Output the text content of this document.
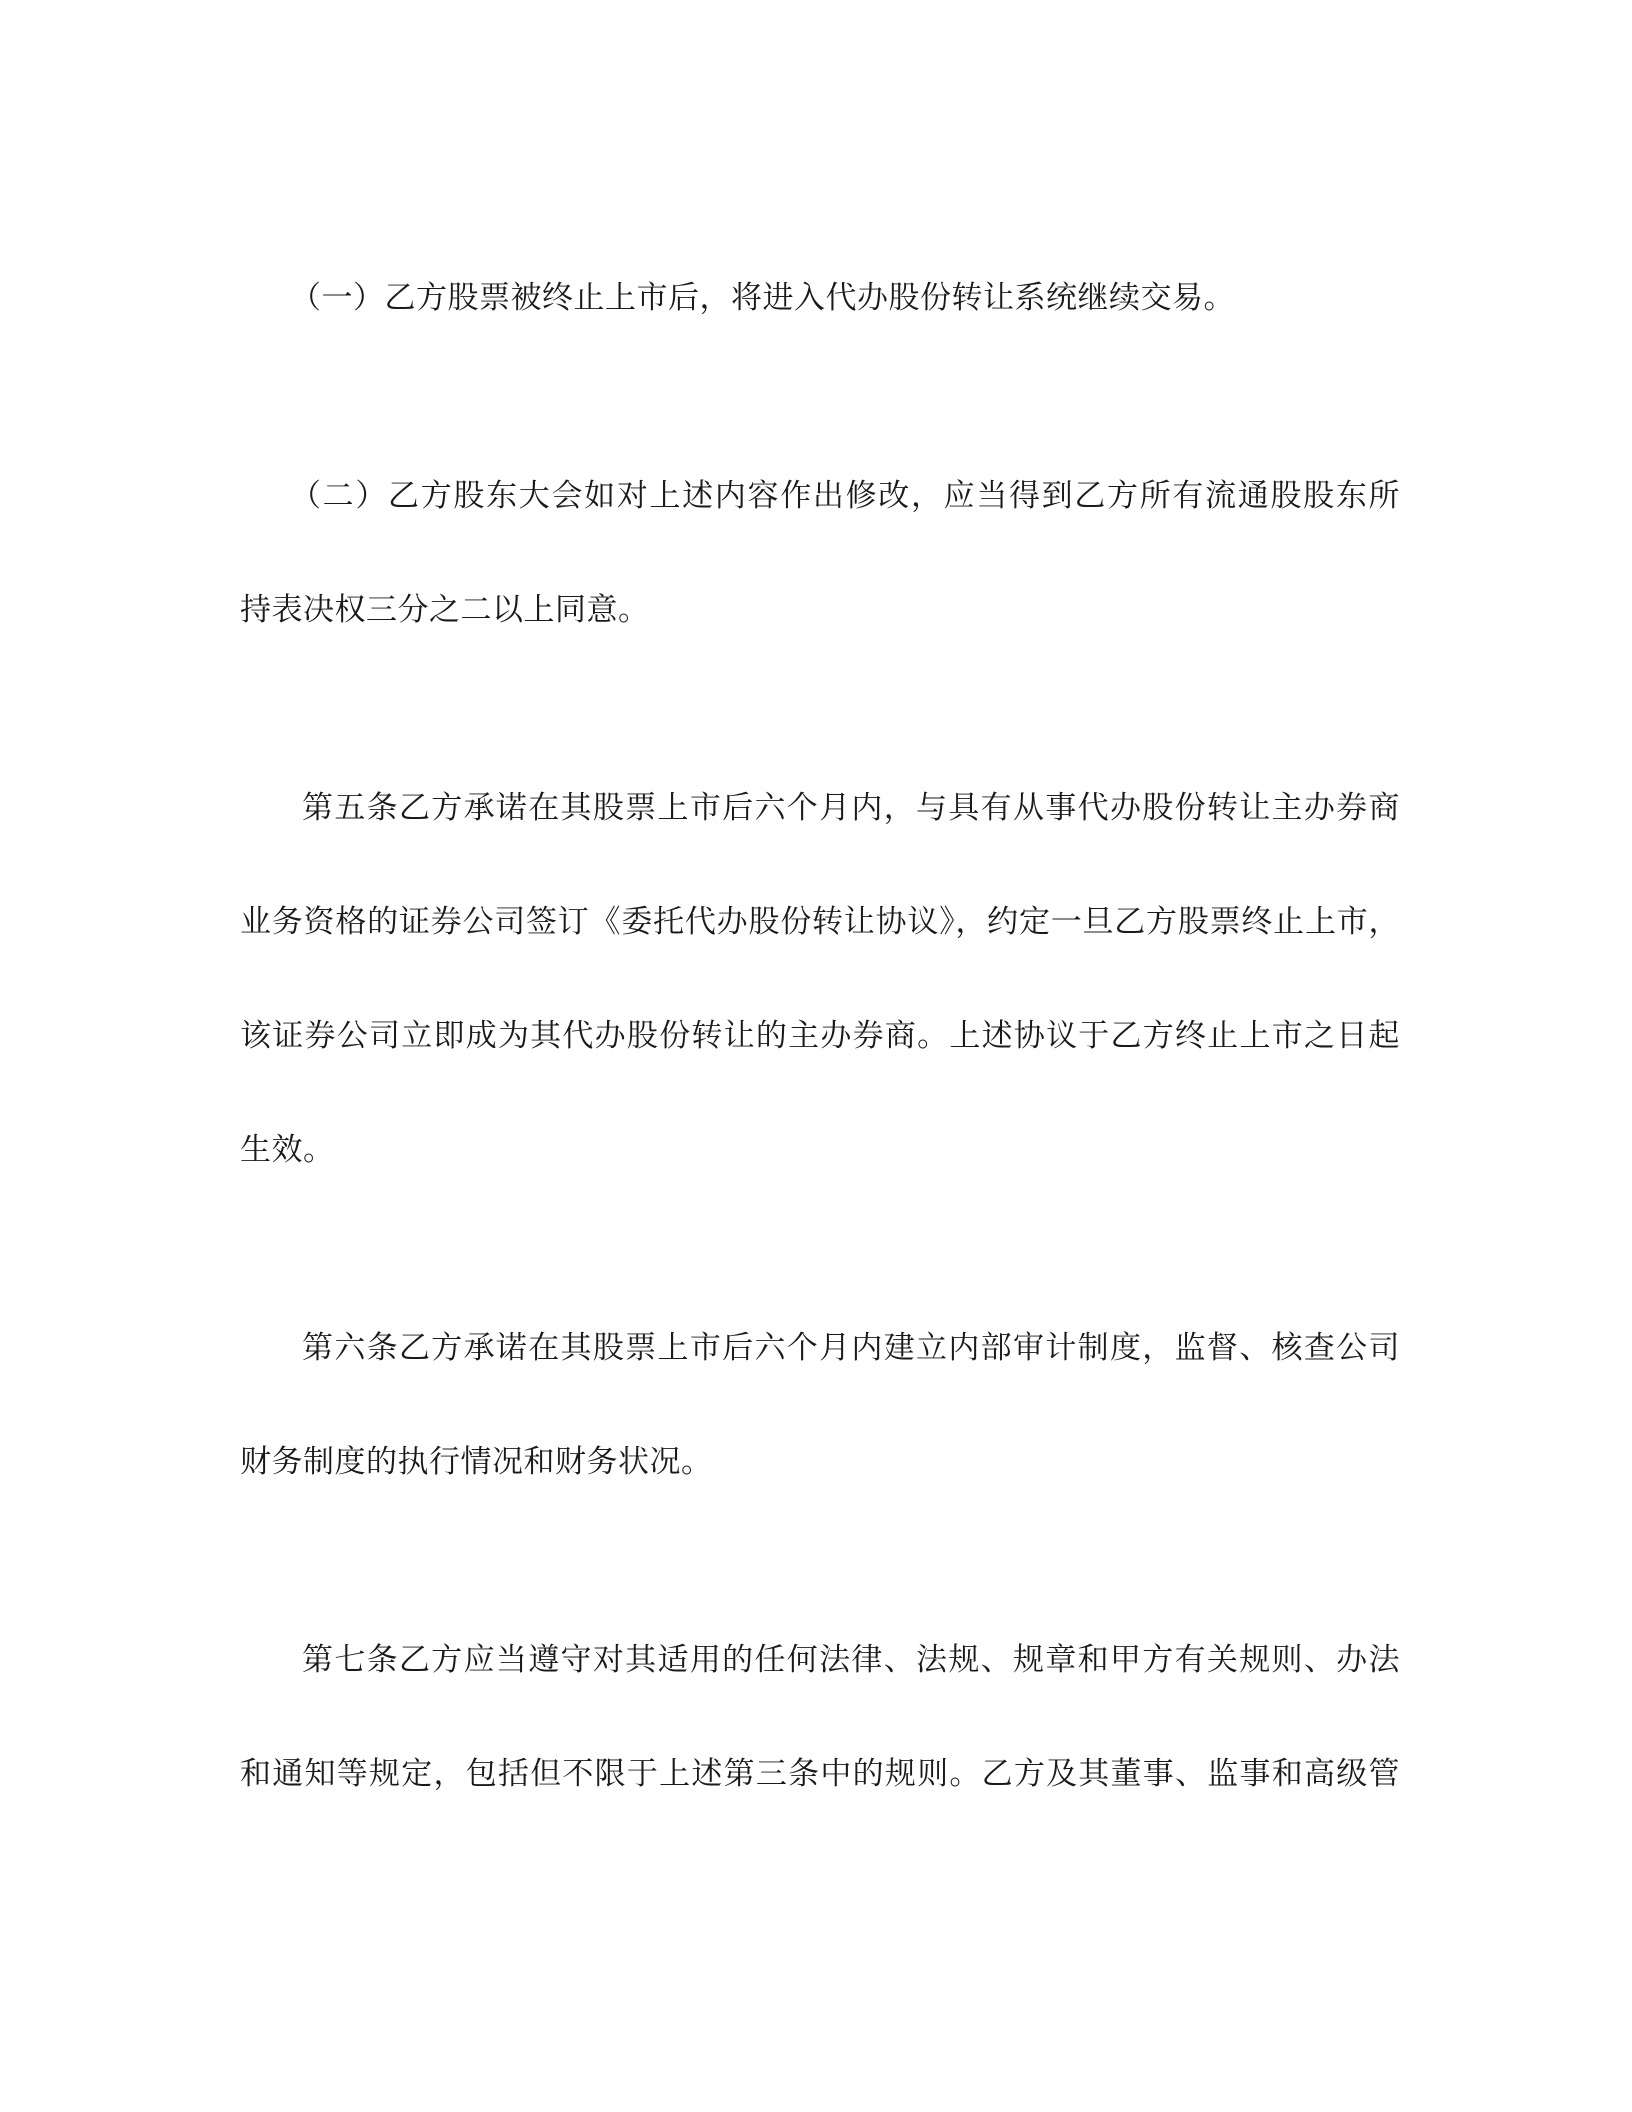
（一）乙方股票被终止上市后，将进入代办股份转让系统继续交易。
（二）乙方股东大会如对上述内容作出修改，应当得到乙方所有流通股股东所
持表决权三分之二以上同意。
第五条乙方承诺在其股票上市后六个月内，与具有从事代办股份转让主办券商
业务资格的证券公司签订《委托代办股份转让协议》，约定一旦乙方股票终止上市，
该证券公司立即成为其代办股份转让的主办券商。上述协议于乙方终止上市之日起
生效。
第六条乙方承诺在其股票上市后六个月内建立内部审计制度，监督、核查公司
财务制度的执行情况和财务状况。
第七条乙方应当遵守对其适用的任何法律、法规、规章和甲方有关规则、办法
和通知等规定，包括但不限于上述第三条中的规则。乙方及其董事、监事和高级管
